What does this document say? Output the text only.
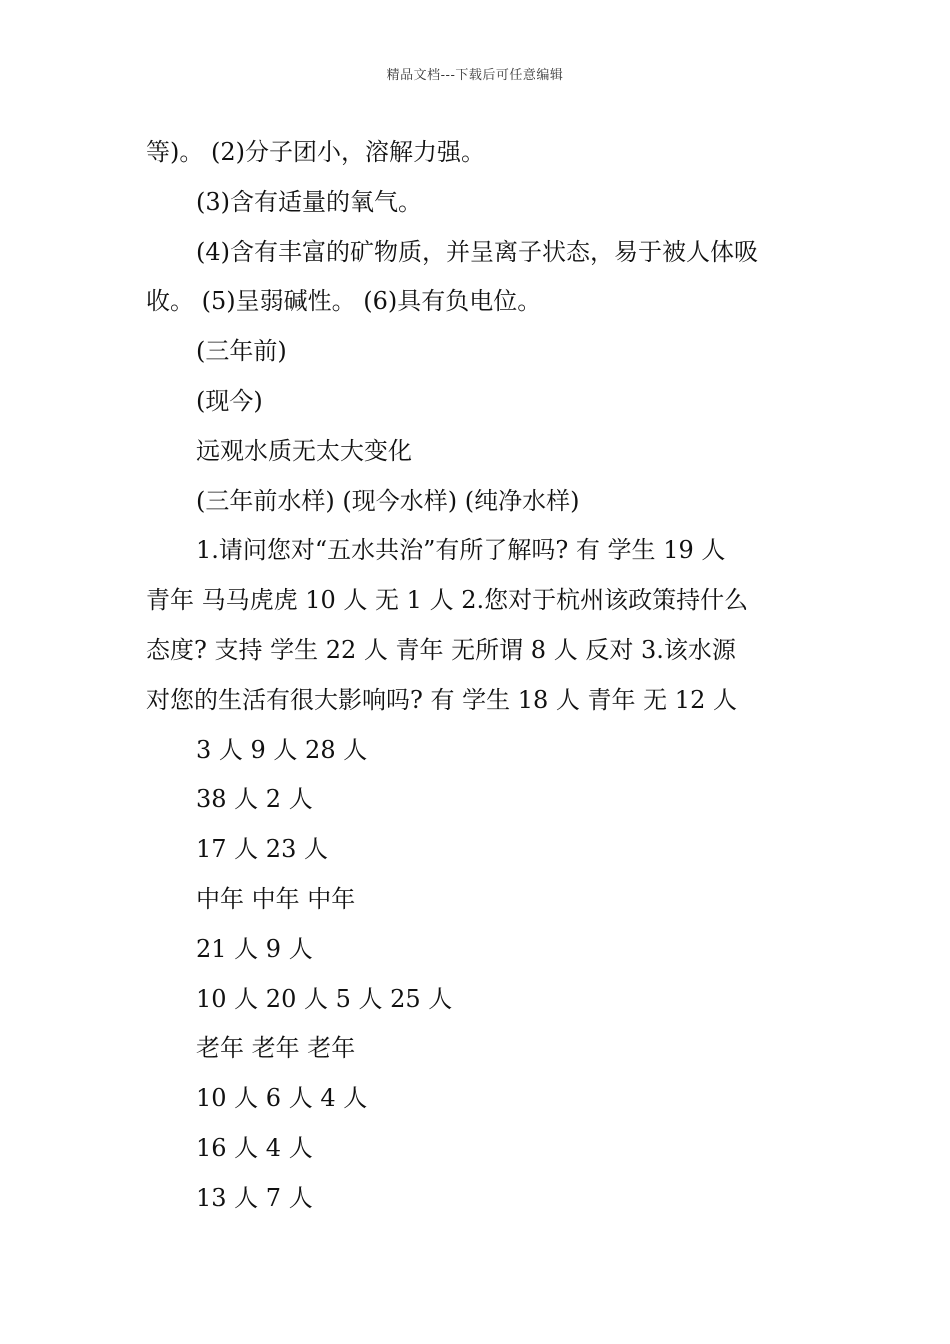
精品文档---下载后可任意编辑
等)。 (2)分子团小，溶解力强。
(3)含有适量的氧气。
(4)含有丰富的矿物质，并呈离子状态，易于被人体吸
收。 (5)呈弱碱性。 (6)具有负电位。
(三年前)
(现今)
远观水质无太大变化
(三年前水样) (现今水样) (纯净水样)
1.请问您对“五水共治”有所了解吗? 有 学生 19 人
青年 马马虎虎 10 人 无 1 人 2.您对于杭州该政策持什么
态度? 支持 学生 22 人 青年 无所谓 8 人 反对 3.该水源
对您的生活有很大影响吗? 有 学生 18 人 青年 无 12 人
3 人 9 人 28 人
38 人 2 人
17 人 23 人
中年 中年 中年
21 人 9 人
10 人 20 人 5 人 25 人
老年 老年 老年
10 人 6 人 4 人
16 人 4 人
13 人 7 人
